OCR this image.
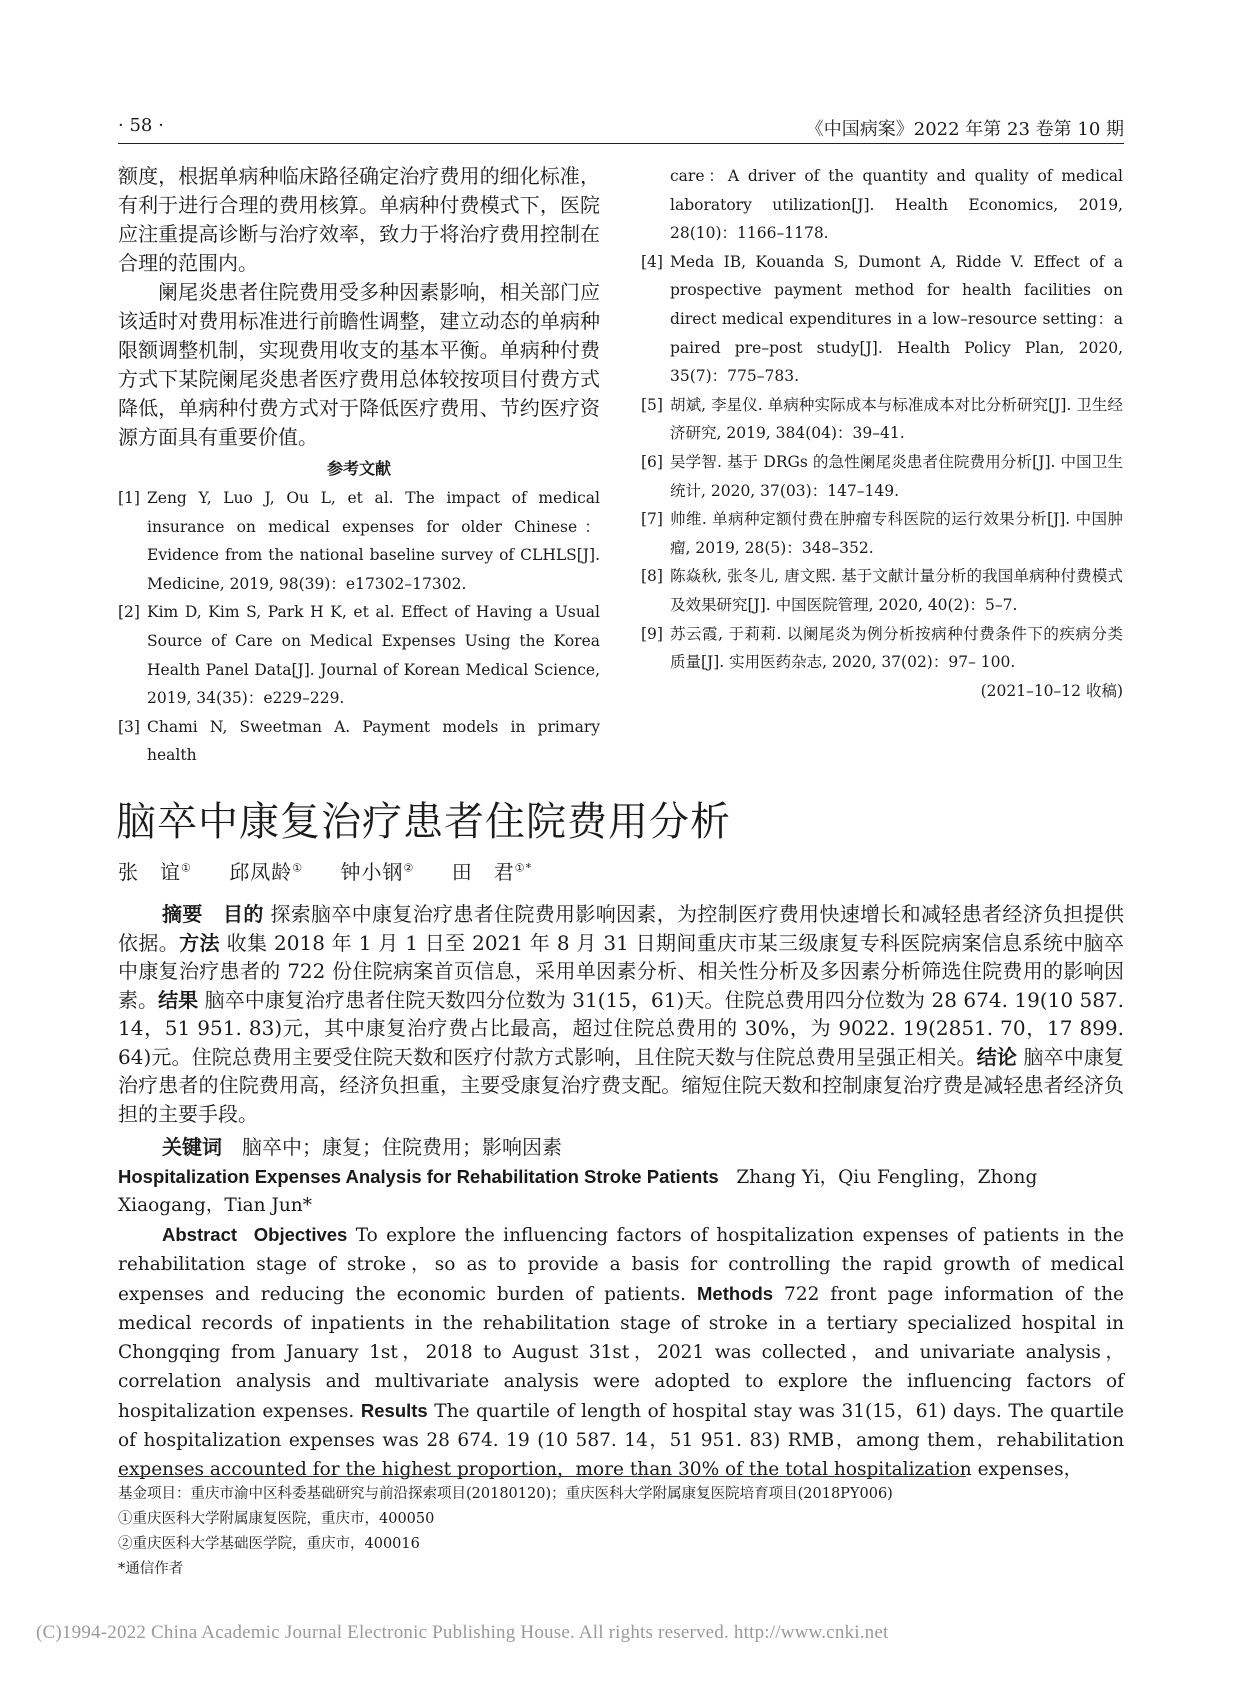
· 58 ·	《中国病案》2022 年第 23 卷第 10 期

额度，根据单病种临床路径确定治疗费用的细化标准，有利于进行合理的费用核算。单病种付费模式下，医院应注重提高诊断与治疗效率，致力于将治疗费用控制在合理的范围内。

阑尾炎患者住院费用受多种因素影响，相关部门应该适时对费用标准进行前瞻性调整，建立动态的单病种限额调整机制，实现费用收支的基本平衡。单病种付费方式下某院阑尾炎患者医疗费用总体较按项目付费方式降低，单病种付费方式对于降低医疗费用、节约医疗资源方面具有重要价值。

参考文献
[1] Zeng Y, Luo J, Ou L, et al. The impact of medical insurance on medical expenses for older Chinese：Evidence from the national baseline survey of CLHLS[J]. Medicine, 2019, 98(39)：e17302–17302.
[2] Kim D, Kim S, Park H K, et al. Effect of Having a Usual Source of Care on Medical Expenses Using the Korea Health Panel Data[J]. Journal of Korean Medical Science, 2019, 34(35)：e229–229.
[3] Chami N, Sweetman A. Payment models in primary health
care：A driver of the quantity and quality of medical laboratory utilization[J]. Health Economics, 2019, 28(10)：1166–1178.
[4] Meda IB, Kouanda S, Dumont A, Ridde V. Effect of a prospective payment method for health facilities on direct medical expenditures in a low–resource setting：a paired pre–post study[J]. Health Policy Plan, 2020, 35(7)：775–783.
[5] 胡斌, 李星仪. 单病种实际成本与标准成本对比分析研究[J]. 卫生经济研究, 2019, 384(04)：39–41.
[6] 吴学智. 基于 DRGs 的急性阑尾炎患者住院费用分析[J]. 中国卫生统计, 2020, 37(03)：147–149.
[7] 帅维. 单病种定额付费在肿瘤专科医院的运行效果分析[J]. 中国肿瘤, 2019, 28(5)：348–352.
[8] 陈焱秋, 张冬儿, 唐文熙. 基于文献计量分析的我国单病种付费模式及效果研究[J]. 中国医院管理, 2020, 40(2)：5–7.
[9] 苏云霞, 于莉莉. 以阑尾炎为例分析按病种付费条件下的疾病分类质量[J]. 实用医药杂志, 2020, 37(02)：97– 100.
(2021–10–12 收稿)
脑卒中康复治疗患者住院费用分析
张　谊① 邱凤龄① 钟小钢② 田　君①*

摘要　 目的 探索脑卒中康复治疗患者住院费用影响因素，为控制医疗费用快速增长和减轻患者经济负担提供依据。方法 收集 2018 年 1 月 1 日至 2021 年 8 月 31 日期间重庆市某三级康复专科医院病案信息系统中脑卒中康复治疗患者的 722 份住院病案首页信息，采用单因素分析、相关性分析及多因素分析筛选住院费用的影响因素。结果 脑卒中康复治疗患者住院天数四分位数为 31(15，61)天。住院总费用四分位数为 28 674. 19(10 587. 14，51 951. 83)元，其中康复治疗费占比最高，超过住院总费用的 30%，为 9022. 19(2851. 70，17 899. 64)元。住院总费用主要受住院天数和医疗付款方式影响，且住院天数与住院总费用呈强正相关。结论 脑卒中康复治疗患者的住院费用高，经济负担重，主要受康复治疗费支配。缩短住院天数和控制康复治疗费是减轻患者经济负担的主要手段。

关键词　 脑卒中；康复；住院费用；影响因素

Hospitalization Expenses Analysis for Rehabilitation Stroke Patients Zhang Yi，Qiu Fengling，Zhong Xiaogang，Tian Jun*

Abstract Objectives To explore the influencing factors of hospitalization expenses of patients in the rehabilitation stage of stroke，so as to provide a basis for controlling the rapid growth of medical expenses and reducing the economic burden of patients. Methods 722 front page information of the medical records of inpatients in the rehabilitation stage of stroke in a tertiary specialized hospital in Chongqing from January 1st，2018 to August 31st，2021 was collected，and univariate analysis，correlation analysis and multivariate analysis were adopted to explore the influencing factors of hospitalization expenses. Results The quartile of length of hospital stay was 31(15，61) days. The quartile of hospitalization expenses was 28 674. 19 (10 587. 14，51 951. 83) RMB，among them，rehabilitation expenses accounted for the highest proportion，more than 30% of the total hospitalization expenses，

基金项目：重庆市渝中区科委基础研究与前沿探索项目(20180120)；重庆医科大学附属康复医院培育项目(2018PY006)
①重庆医科大学附属康复医院，重庆市，400050
②重庆医科大学基础医学院，重庆市，400016
*通信作者
(C)1994-2022 China Academic Journal Electronic Publishing House. All rights reserved. http://www.cnki.net
